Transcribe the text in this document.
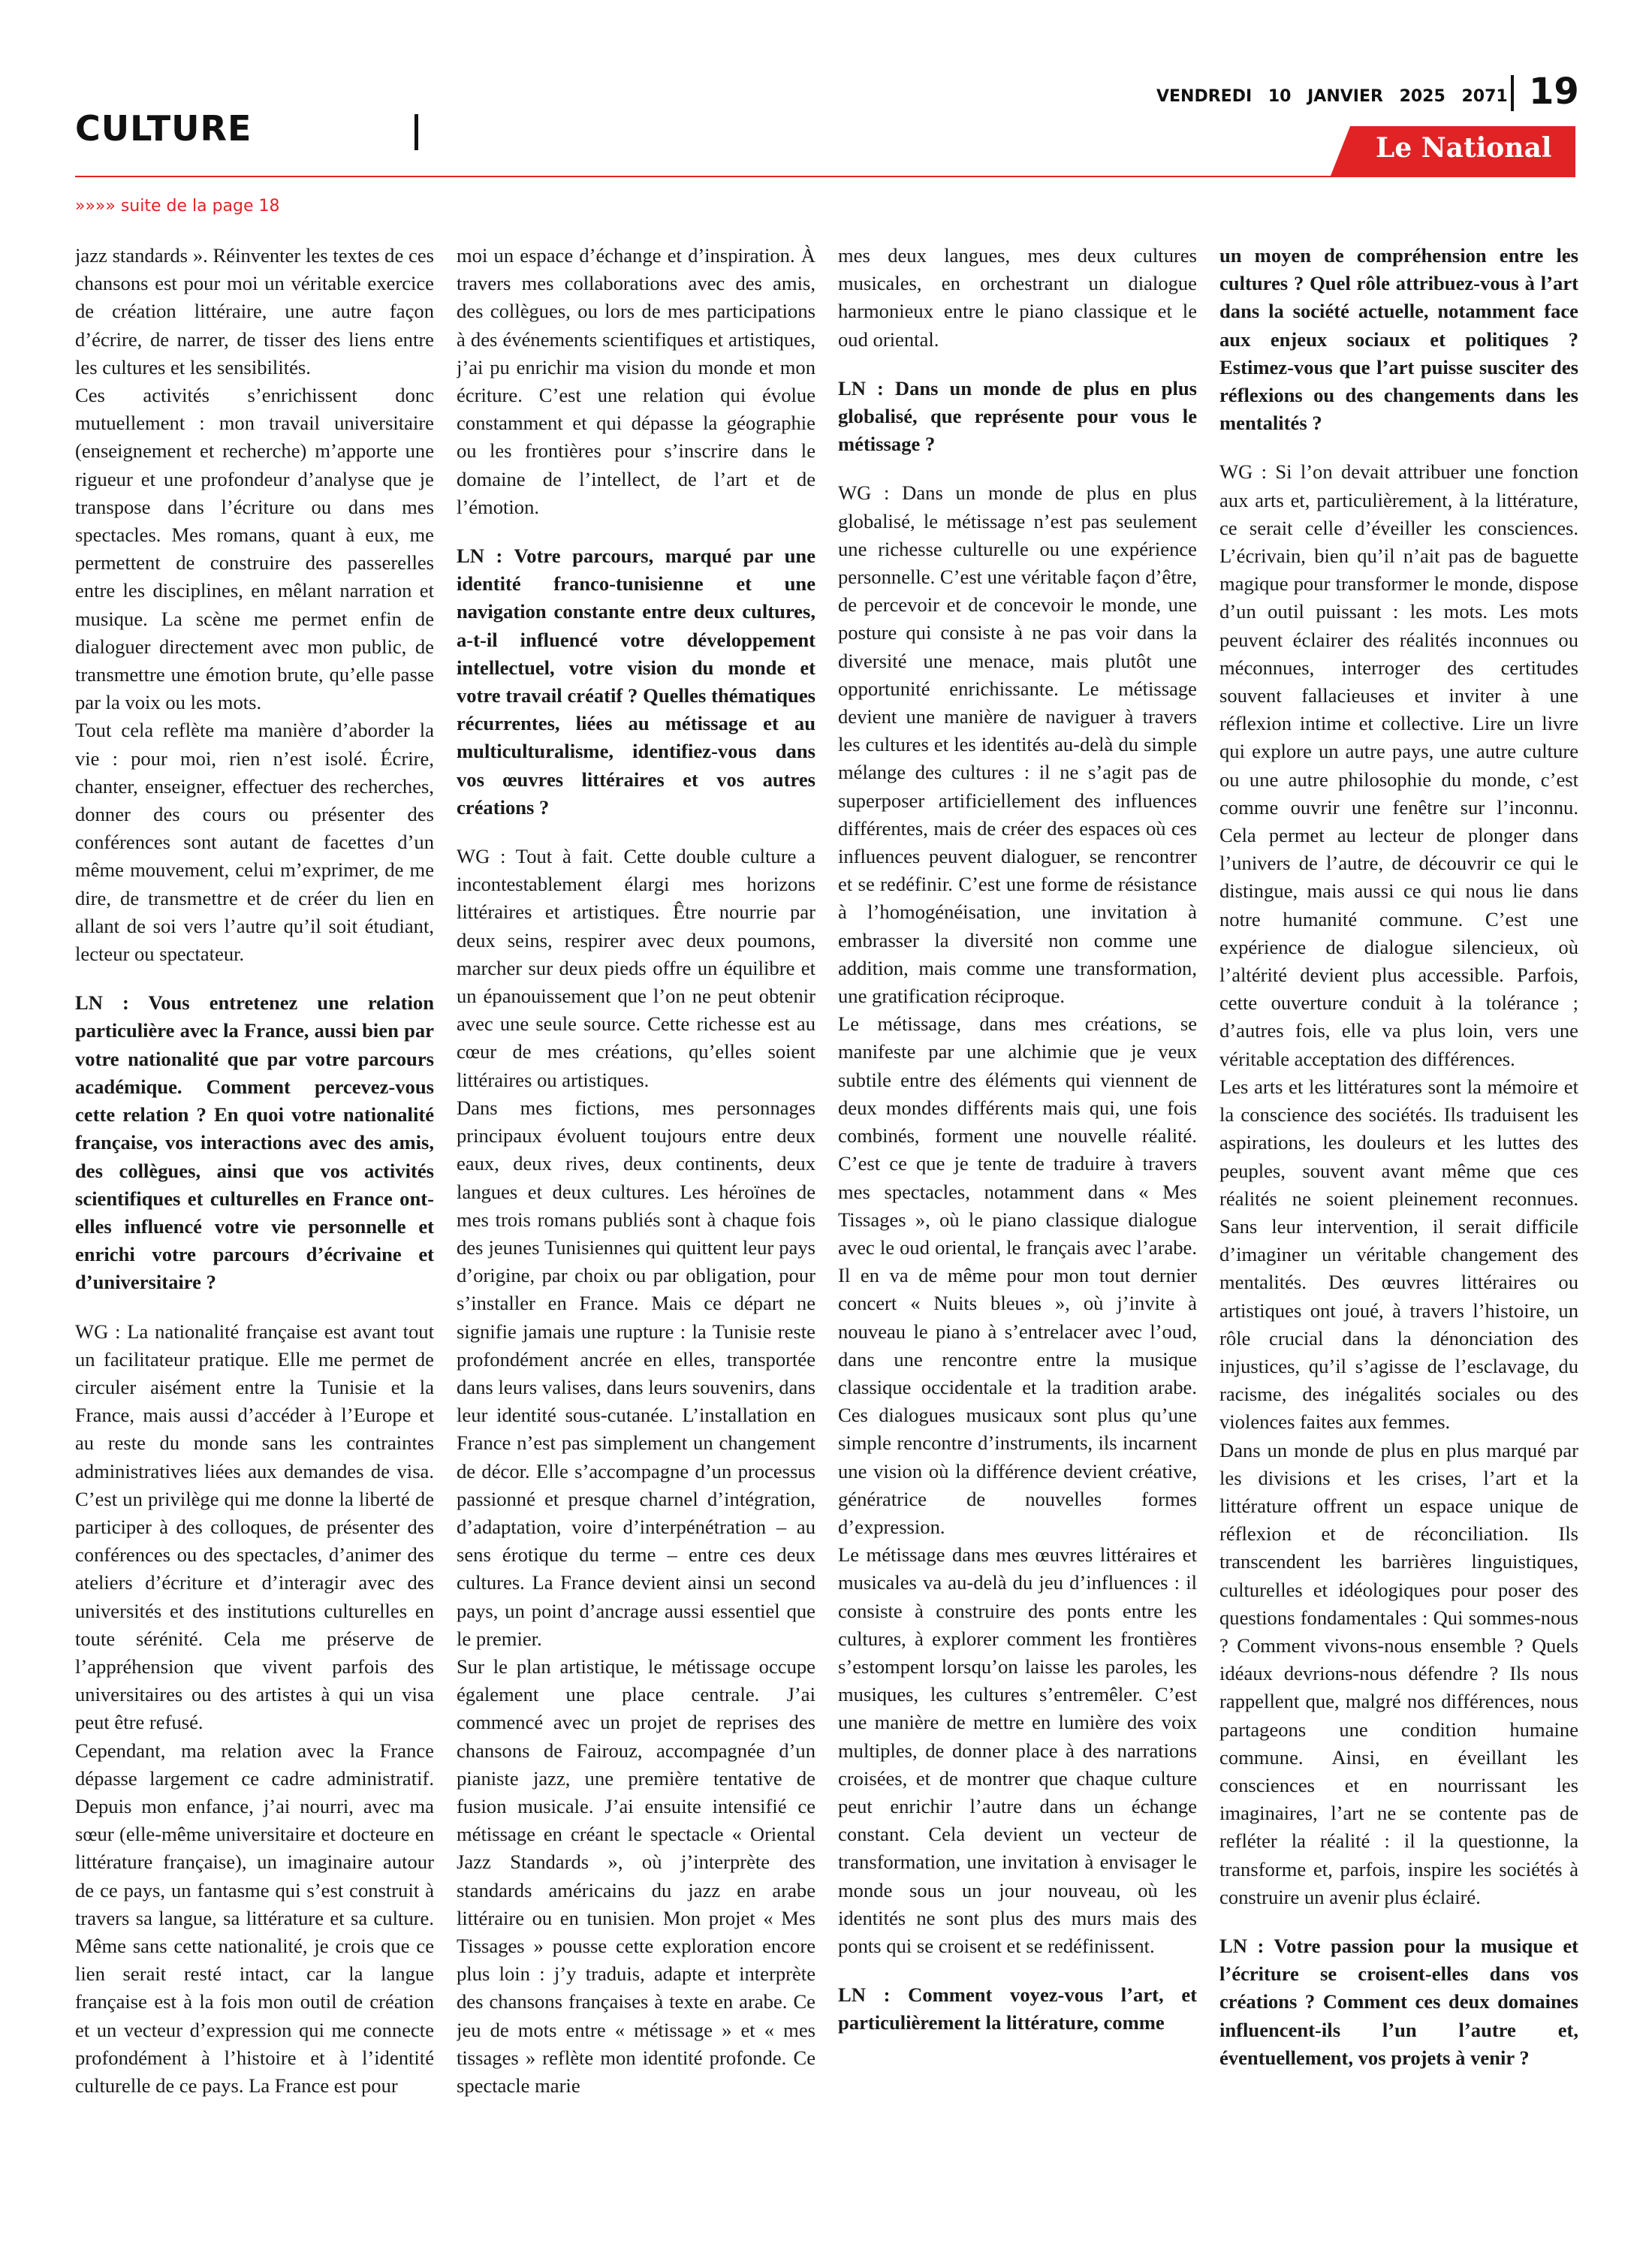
CULTURE
VENDREDI 10 JANVIER 2025 2071 19
Le National
»»»» suite de la page 18

jazz standards ». Réinventer les textes de ces chansons est pour moi un véritable exercice de création littéraire, une autre façon d’écrire, de narrer, de tisser des liens entre les cultures et les sensibilités.

Ces activités s’enrichissent donc mutuellement : mon travail universitaire (enseignement et recherche) m’apporte une rigueur et une profondeur d’analyse que je transpose dans l’écriture ou dans mes spectacles. Mes romans, quant à eux, me permettent de construire des passerelles entre les disciplines, en mêlant narration et musique. La scène me permet enfin de dialoguer directement avec mon public, de transmettre une émotion brute, qu’elle passe par la voix ou les mots.

Tout cela reflète ma manière d’aborder la vie : pour moi, rien n’est isolé. Écrire, chanter, enseigner, effectuer des recherches, donner des cours ou présenter des conférences sont autant de facettes d’un même mouvement, celui m’exprimer, de me dire, de transmettre et de créer du lien en allant de soi vers l’autre qu’il soit étudiant, lecteur ou spectateur.

LN : Vous entretenez une relation particulière avec la France, aussi bien par votre nationalité que par votre parcours académique. Comment percevez-vous cette relation ? En quoi votre nationalité française, vos interactions avec des amis, des collègues, ainsi que vos activités scientifiques et culturelles en France ont-elles influencé votre vie personnelle et enrichi votre parcours d’écrivaine et d’universitaire ?

WG : La nationalité française est avant tout un facilitateur pratique. Elle me permet de circuler aisément entre la Tunisie et la France, mais aussi d’accéder à l’Europe et au reste du monde sans les contraintes administratives liées aux demandes de visa. C’est un privilège qui me donne la liberté de participer à des colloques, de présenter des conférences ou des spectacles, d’animer des ateliers d’écriture et d’interagir avec des universités et des institutions culturelles en toute sérénité. Cela me préserve de l’appréhension que vivent parfois des universitaires ou des artistes à qui un visa peut être refusé.

Cependant, ma relation avec la France dépasse largement ce cadre administratif. Depuis mon enfance, j’ai nourri, avec ma sœur (elle-même universitaire et docteure en littérature française), un imaginaire autour de ce pays, un fantasme qui s’est construit à travers sa langue, sa littérature et sa culture. Même sans cette nationalité, je crois que ce lien serait resté intact, car la langue française est à la fois mon outil de création et un vecteur d’expression qui me connecte profondément à l’histoire et à l’identité culturelle de ce pays. La France est pour

moi un espace d’échange et d’inspiration. À travers mes collaborations avec des amis, des collègues, ou lors de mes participations à des événements scientifiques et artistiques, j’ai pu enrichir ma vision du monde et mon écriture. C’est une relation qui évolue constamment et qui dépasse la géographie ou les frontières pour s’inscrire dans le domaine de l’intellect, de l’art et de l’émotion.

LN : Votre parcours, marqué par une identité franco-tunisienne et une navigation constante entre deux cultures, a-t-il influencé votre développement intellectuel, votre vision du monde et votre travail créatif ? Quelles thématiques récurrentes, liées au métissage et au multiculturalisme, identifiez-vous dans vos œuvres littéraires et vos autres créations ?

WG : Tout à fait. Cette double culture a incontestablement élargi mes horizons littéraires et artistiques. Être nourrie par deux seins, respirer avec deux poumons, marcher sur deux pieds offre un équilibre et un épanouissement que l’on ne peut obtenir avec une seule source. Cette richesse est au cœur de mes créations, qu’elles soient littéraires ou artistiques.

Dans mes fictions, mes personnages principaux évoluent toujours entre deux eaux, deux rives, deux continents, deux langues et deux cultures. Les héroïnes de mes trois romans publiés sont à chaque fois des jeunes Tunisiennes qui quittent leur pays d’origine, par choix ou par obligation, pour s’installer en France. Mais ce départ ne signifie jamais une rupture : la Tunisie reste profondément ancrée en elles, transportée dans leurs valises, dans leurs souvenirs, dans leur identité sous-cutanée. L’installation en France n’est pas simplement un changement de décor. Elle s’accompagne d’un processus passionné et presque charnel d’intégration, d’adaptation, voire d’interpénétration – au sens érotique du terme – entre ces deux cultures. La France devient ainsi un second pays, un point d’ancrage aussi essentiel que le premier.

Sur le plan artistique, le métissage occupe également une place centrale. J’ai commencé avec un projet de reprises des chansons de Fairouz, accompagnée d’un pianiste jazz, une première tentative de fusion musicale. J’ai ensuite intensifié ce métissage en créant le spectacle « Oriental Jazz Standards », où j’interprète des standards américains du jazz en arabe littéraire ou en tunisien. Mon projet « Mes Tissages » pousse cette exploration encore plus loin : j’y traduis, adapte et interprète des chansons françaises à texte en arabe. Ce jeu de mots entre « métissage » et « mes tissages » reflète mon identité profonde. Ce spectacle marie

mes deux langues, mes deux cultures musicales, en orchestrant un dialogue harmonieux entre le piano classique et le oud oriental.

LN : Dans un monde de plus en plus globalisé, que représente pour vous le métissage ?

WG : Dans un monde de plus en plus globalisé, le métissage n’est pas seulement une richesse culturelle ou une expérience personnelle. C’est une véritable façon d’être, de percevoir et de concevoir le monde, une posture qui consiste à ne pas voir dans la diversité une menace, mais plutôt une opportunité enrichissante. Le métissage devient une manière de naviguer à travers les cultures et les identités au-delà du simple mélange des cultures : il ne s’agit pas de superposer artificiellement des influences différentes, mais de créer des espaces où ces influences peuvent dialoguer, se rencontrer et se redéfinir. C’est une forme de résistance à l’homogénéisation, une invitation à embrasser la diversité non comme une addition, mais comme une transformation, une gratification réciproque.

Le métissage, dans mes créations, se manifeste par une alchimie que je veux subtile entre des éléments qui viennent de deux mondes différents mais qui, une fois combinés, forment une nouvelle réalité. C’est ce que je tente de traduire à travers mes spectacles, notamment dans « Mes Tissages », où le piano classique dialogue avec le oud oriental, le français avec l’arabe. Il en va de même pour mon tout dernier concert « Nuits bleues », où j’invite à nouveau le piano à s’entrelacer avec l’oud, dans une rencontre entre la musique classique occidentale et la tradition arabe. Ces dialogues musicaux sont plus qu’une simple rencontre d’instruments, ils incarnent une vision où la différence devient créative, génératrice de nouvelles formes d’expression.

Le métissage dans mes œuvres littéraires et musicales va au-delà du jeu d’influences : il consiste à construire des ponts entre les cultures, à explorer comment les frontières s’estompent lorsqu’on laisse les paroles, les musiques, les cultures s’entremêler. C’est une manière de mettre en lumière des voix multiples, de donner place à des narrations croisées, et de montrer que chaque culture peut enrichir l’autre dans un échange constant. Cela devient un vecteur de transformation, une invitation à envisager le monde sous un jour nouveau, où les identités ne sont plus des murs mais des ponts qui se croisent et se redéfinissent.

LN : Comment voyez-vous l’art, et particulièrement la littérature, comme

un moyen de compréhension entre les cultures ? Quel rôle attribuez-vous à l’art dans la société actuelle, notamment face aux enjeux sociaux et politiques ? Estimez-vous que l’art puisse susciter des réflexions ou des changements dans les mentalités ?

WG : Si l’on devait attribuer une fonction aux arts et, particulièrement, à la littérature, ce serait celle d’éveiller les consciences. L’écrivain, bien qu’il n’ait pas de baguette magique pour transformer le monde, dispose d’un outil puissant : les mots. Les mots peuvent éclairer des réalités inconnues ou méconnues, interroger des certitudes souvent fallacieuses et inviter à une réflexion intime et collective. Lire un livre qui explore un autre pays, une autre culture ou une autre philosophie du monde, c’est comme ouvrir une fenêtre sur l’inconnu. Cela permet au lecteur de plonger dans l’univers de l’autre, de découvrir ce qui le distingue, mais aussi ce qui nous lie dans notre humanité commune. C’est une expérience de dialogue silencieux, où l’altérité devient plus accessible. Parfois, cette ouverture conduit à la tolérance ; d’autres fois, elle va plus loin, vers une véritable acceptation des différences.

Les arts et les littératures sont la mémoire et la conscience des sociétés. Ils traduisent les aspirations, les douleurs et les luttes des peuples, souvent avant même que ces réalités ne soient pleinement reconnues. Sans leur intervention, il serait difficile d’imaginer un véritable changement des mentalités. Des œuvres littéraires ou artistiques ont joué, à travers l’histoire, un rôle crucial dans la dénonciation des injustices, qu’il s’agisse de l’esclavage, du racisme, des inégalités sociales ou des violences faites aux femmes.

Dans un monde de plus en plus marqué par les divisions et les crises, l’art et la littérature offrent un espace unique de réflexion et de réconciliation. Ils transcendent les barrières linguistiques, culturelles et idéologiques pour poser des questions fondamentales : Qui sommes-nous ? Comment vivons-nous ensemble ? Quels idéaux devrions-nous défendre ? Ils nous rappellent que, malgré nos différences, nous partageons une condition humaine commune. Ainsi, en éveillant les consciences et en nourrissant les imaginaires, l’art ne se contente pas de refléter la réalité : il la questionne, la transforme et, parfois, inspire les sociétés à construire un avenir plus éclairé.

LN : Votre passion pour la musique et l’écriture se croisent-elles dans vos créations ? Comment ces deux domaines influencent-ils l’un l’autre et, éventuellement, vos projets à venir ?
